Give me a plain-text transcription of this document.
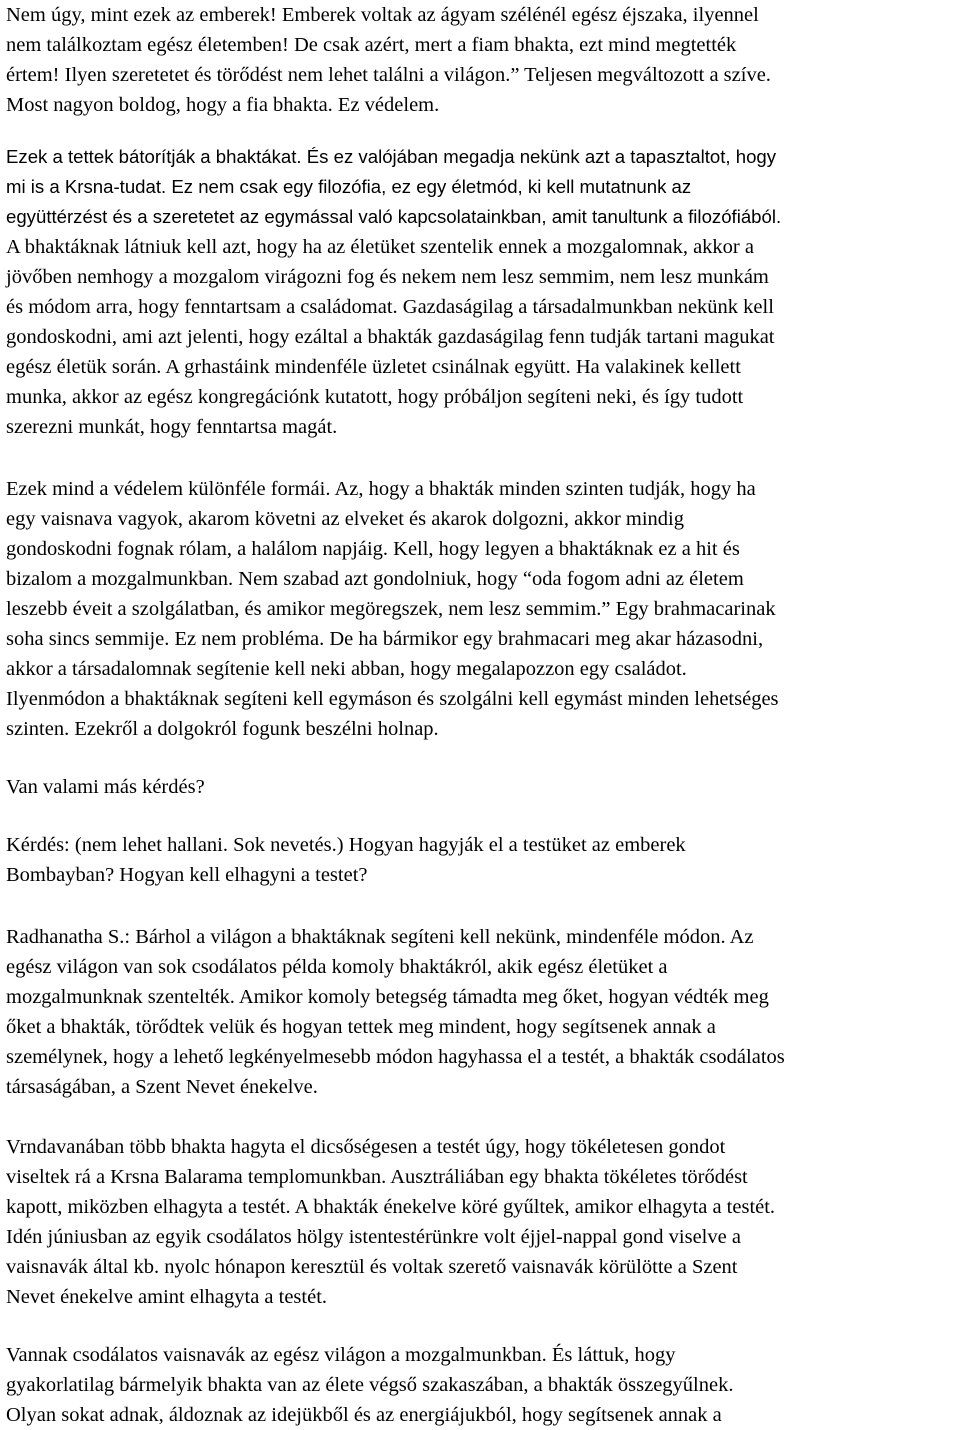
Nem úgy, mint ezek az emberek! Emberek voltak az ágyam szélénél egész éjszaka, ilyennel
nem találkoztam egész életemben! De csak azért, mert a fiam bhakta, ezt mind megtették
értem! Ilyen szeretetet és törődést nem lehet találni a világon.” Teljesen megváltozott a szíve.
Most nagyon boldog, hogy a fia bhakta. Ez védelem.
Ezek a tettek bátorítják a bhaktákat. És ez valójában megadja nekünk azt a tapasztaltot, hogy
mi is a Krsna-tudat. Ez nem csak egy filozófia, ez egy életmód, ki kell mutatnunk az
együttérzést és a szeretetet az egymással való kapcsolatainkban, amit tanultunk a filozófiából.
A bhaktáknak látniuk kell azt, hogy ha az életüket szentelik ennek a mozgalomnak, akkor a
jövőben nemhogy a mozgalom virágozni fog és nekem nem lesz semmim, nem lesz munkám
és módom arra, hogy fenntartsam a családomat. Gazdaságilag a társadalmunkban nekünk kell
gondoskodni, ami azt jelenti, hogy ezáltal a bhakták gazdaságilag fenn tudják tartani magukat
egész életük során. A grhastáink mindenféle üzletet csinálnak együtt. Ha valakinek kellett
munka, akkor az egész kongregációnk kutatott, hogy próbáljon segíteni neki, és így tudott
szerezni munkát, hogy fenntartsa magát.
Ezek mind a védelem különféle formái. Az, hogy a bhakták minden szinten tudják, hogy ha
egy vaisnava vagyok, akarom követni az elveket és akarok dolgozni, akkor mindig
gondoskodni fognak rólam, a halálom napjáig. Kell, hogy legyen a bhaktáknak ez a hit és
bizalom a mozgalmunkban. Nem szabad azt gondolniuk, hogy “oda fogom adni az életem
leszebb éveit a szolgálatban, és amikor megöregszek, nem lesz semmim.” Egy brahmacarinak
soha sincs semmije. Ez nem probléma. De ha bármikor egy brahmacari meg akar házasodni,
akkor a társadalomnak segítenie kell neki abban, hogy megalapozzon egy családot.
Ilyenmódon a bhaktáknak segíteni kell egymáson és szolgálni kell egymást minden lehetséges
szinten. Ezekről a dolgokról fogunk beszélni holnap.
Van valami más kérdés?
Kérdés: (nem lehet hallani. Sok nevetés.) Hogyan hagyják el a testüket az emberek
Bombayban? Hogyan kell elhagyni a testet?
Radhanatha S.: Bárhol a világon a bhaktáknak segíteni kell nekünk, mindenféle módon. Az
egész világon van sok csodálatos példa komoly bhaktákról, akik egész életüket a
mozgalmunknak szentelték. Amikor komoly betegség támadta meg őket, hogyan védték meg
őket a bhakták, törődtek velük és hogyan tettek meg mindent, hogy segítsenek annak a
személynek, hogy a lehető legkényelmesebb módon hagyhassa el a testét, a bhakták csodálatos
társaságában, a Szent Nevet énekelve.
Vrndavanában több bhakta hagyta el dicsőségesen a testét úgy, hogy tökéletesen gondot
viseltek rá a Krsna Balarama templomunkban. Ausztráliában egy bhakta tökéletes törődést
kapott, miközben elhagyta a testét. A bhakták énekelve köré gyűltek, amikor elhagyta a testét.
Idén júniusban az egyik csodálatos hölgy istentestérünkre volt éjjel-nappal gond viselve a
vaisnavák által kb. nyolc hónapon keresztül és voltak szerető vaisnavák körülötte a Szent
Nevet énekelve amint elhagyta a testét.
Vannak csodálatos vaisnavák az egész világon a mozgalmunkban. És láttuk, hogy
gyakorlatilag bármelyik bhakta van az élete végső szakaszában, a bhakták összegyűlnek.
Olyan sokat adnak, áldoznak az idejükből és az energiájukból, hogy segítsenek annak a
